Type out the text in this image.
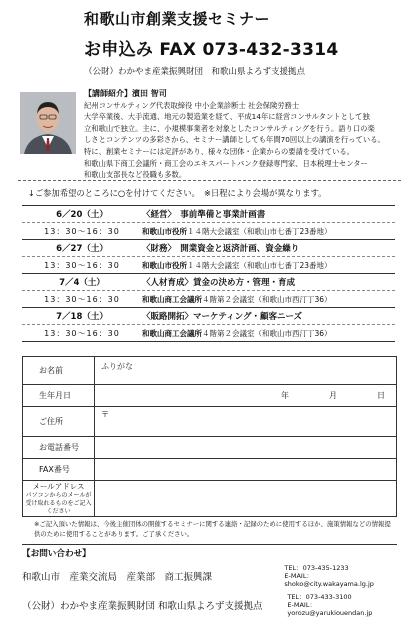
和歌山市創業支援セミナー
お申込み FAX 073-432-3314
（公財）わかやま産業振興財団　和歌山県よろず支援拠点

【講師紹介】濱田 智司

紀州コンサルティング代表取締役 中小企業診断士 社会保険労務士

大学卒業後、大手流通、地元の製造業を経て、平成14年に経営コンサルタントとして独

立和歌山で独立。主に、小規模事業者を対象としたコンサルティングを行う。語り口の楽

しさとコンテンツの多彩さから、セミナー講師としても年間70回以上の講演を行っている。

特に、創業セミナーには定評があり、様々な団体・企業からの要請を受けている。

和歌山県下商工会議所・商工会のエキスパートバンク登録専門家、日本税理士センター

和歌山支部長など役職も多数。

↓ご参加希望のところに○を付けてください。　※日程により会場が異なります。
6／20（土）	〈経営〉　事前準備と事業計画書
13：30～16：30	和歌山市役所１４階大会議室（和歌山市七番丁23番地）
6／27（土）	〈財務〉　開業資金と返済計画、資金繰り
13：30～16：30	和歌山市役所１４階大会議室（和歌山市七番丁23番地）
7／4（土）	〈人材育成〉賃金の決め方・管理・育成
13：30～16：30	和歌山商工会議所４階第２会議室（和歌山市西汀丁36）
7／18（土）	〈販路開拓〉マーケティング・顧客ニーズ
13：30～16：30	和歌山商工会議所４階第２会議室（和歌山市西汀丁36）
お名前	ふりがな

生年月日	年 月 日
ご住所	〒
お電話番号	
FAX番号	

メールアドレス
パソコンからのメールが受け取れるものをご記入ください	

※ご記入頂いた情報は、今後主催団体の開催するセミナーに関する連絡・記録のために使用するほか、施策情報などの情報提供のために使用することがあります。ご了承ください。
【お問い合わせ】
和歌山市　産業交流局　産業部　商工振興課
TEL：073-435-1233
E-MAIL：shoko@city.wakayama.lg.jp
（公財）わかやま産業振興財団 和歌山県よろず支援拠点
TEL：073-433-3100
E-MAIL：yorozu@yarukiouendan.jp
